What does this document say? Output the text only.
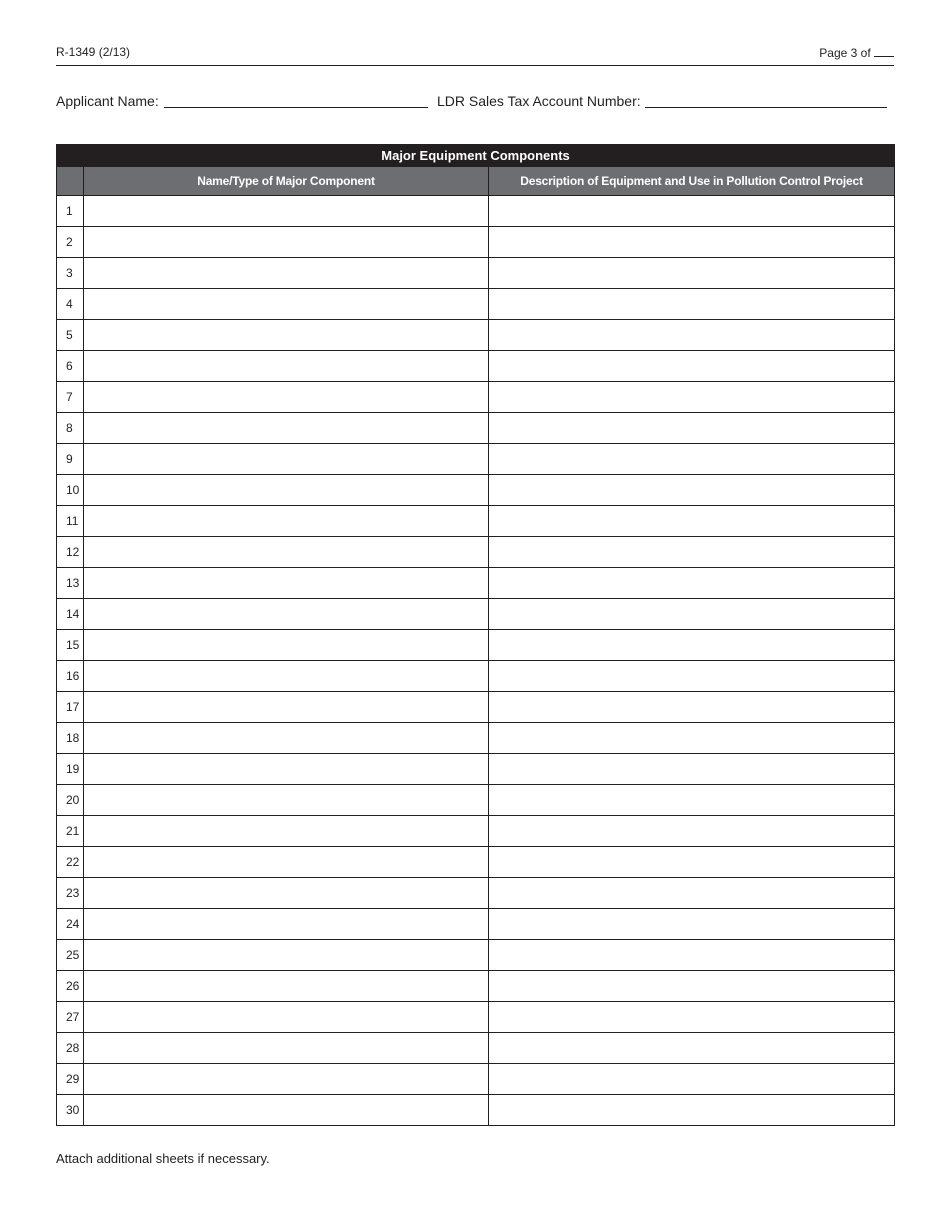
R-1349 (2/13)	Page 3 of
Applicant Name:	LDR Sales Tax Account Number:
Major Equipment Components		
	Name/Type of Major Component	Description of Equipment and Use in Pollution Control Project
1		
2		
3		
4		
5		
6		
7		
8		
9		
10		
11		
12		
13		
14		
15		
16		
17		
18		
19		
20		
21		
22		
23		
24		
25		
26		
27		
28		
29		
30		
Attach additional sheets if necessary.
